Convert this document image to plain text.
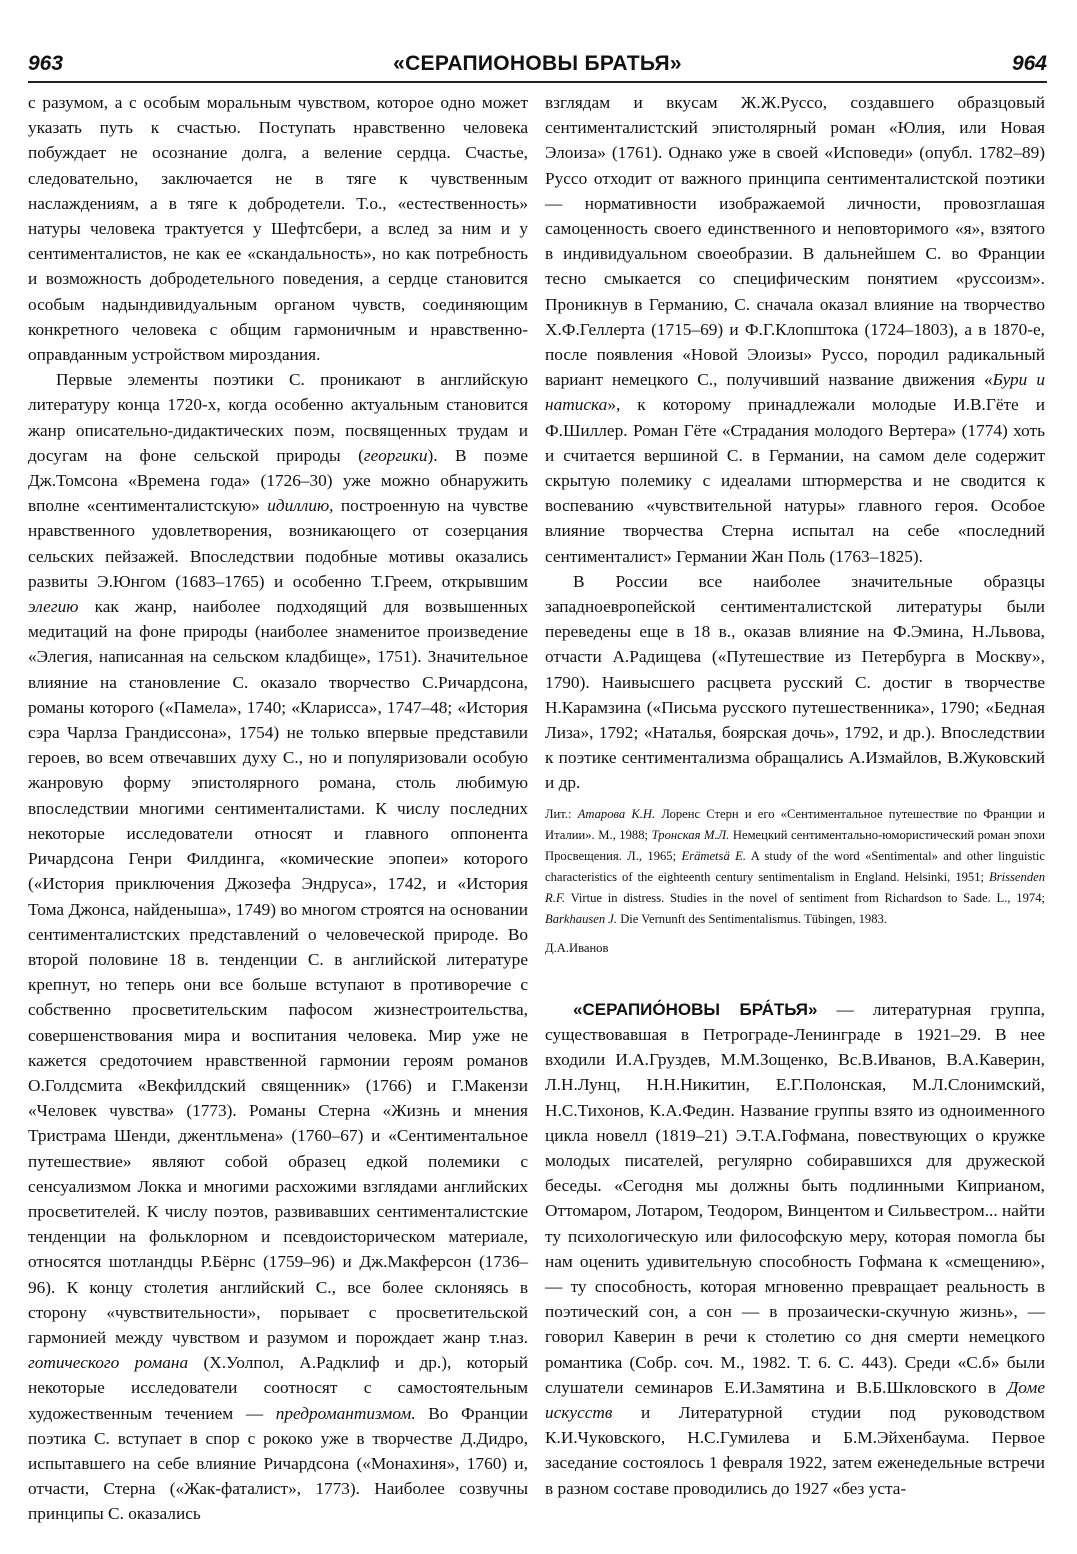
963	«СЕРАПИОНОВЫ БРАТЬЯ»	964

с разумом, а с особым моральным чувством, которое одно может указать путь к счастью. Поступать нравственно человека побуждает не осознание долга, а веление сердца. Счастье, следовательно, заключается не в тяге к чувственным наслаждениям, а в тяге к добродетели. Т.о., «естественность» натуры человека трактуется у Шефтсбери, а вслед за ним и у сентименталистов, не как ее «скандальность», но как потребность и возможность добродетельного поведения, а сердце становится особым надындивидуальным органом чувств, соединяющим конкретного человека с общим гармоничным и нравственно-оправданным устройством мироздания.

Первые элементы поэтики С. проникают в английскую литературу конца 1720-х, когда особенно актуальным становится жанр описательно-дидактических поэм, посвященных трудам и досугам на фоне сельской природы (георгики). В поэме Дж.Томсона «Времена года» (1726–30) уже можно обнаружить вполне «сентименталистскую» идиллию, построенную на чувстве нравственного удовлетворения, возникающего от созерцания сельских пейзажей. Впоследствии подобные мотивы оказались развиты Э.Юнгом (1683–1765) и особенно Т.Греем, открывшим элегию как жанр, наиболее подходящий для возвышенных медитаций на фоне природы (наиболее знаменитое произведение «Элегия, написанная на сельском кладбище», 1751). Значительное влияние на становление С. оказало творчество С.Ричардсона, романы которого («Памела», 1740; «Кларисса», 1747–48; «История сэра Чарлза Грандиссона», 1754) не только впервые представили героев, во всем отвечавших духу С., но и популяризовали особую жанровую форму эпистолярного романа, столь любимую впоследствии многими сентименталистами. К числу последних некоторые исследователи относят и главного оппонента Ричардсона Генри Филдинга, «комические эпопеи» которого («История приключения Джозефа Эндруса», 1742, и «История Тома Джонса, найденыша», 1749) во многом строятся на основании сентименталистских представлений о человеческой природе. Во второй половине 18 в. тенденции С. в английской литературе крепнут, но теперь они все больше вступают в противоречие с собственно просветительским пафосом жизнестроительства, совершенствования мира и воспитания человека. Мир уже не кажется средоточием нравственной гармонии героям романов О.Голдсмита «Векфилдский священник» (1766) и Г.Макензи «Человек чувства» (1773). Романы Стерна «Жизнь и мнения Тристрама Шенди, джентльмена» (1760–67) и «Сентиментальное путешествие» являют собой образец едкой полемики с сенсуализмом Локка и многими расхожими взглядами английских просветителей. К числу поэтов, развивавших сентименталистские тенденции на фольклорном и псевдоисторическом материале, относятся шотландцы Р.Бёрнс (1759–96) и Дж.Макферсон (1736–96). К концу столетия английский С., все более склоняясь в сторону «чувствительности», порывает с просветительской гармонией между чувством и разумом и порождает жанр т.наз. готического романа (Х.Уолпол, А.Радклиф и др.), который некоторые исследователи соотносят с самостоятельным художественным течением — предромантизмом. Во Франции поэтика С. вступает в спор с рококо уже в творчестве Д.Дидро, испытавшего на себе влияние Ричардсона («Монахиня», 1760) и, отчасти, Стерна («Жак-фаталист», 1773). Наиболее созвучны принципы С. оказались

взглядам и вкусам Ж.Ж.Руссо, создавшего образцовый сентименталистский эпистолярный роман «Юлия, или Новая Элоиза» (1761). Однако уже в своей «Исповеди» (опубл. 1782–89) Руссо отходит от важного принципа сентименталистской поэтики — нормативности изображаемой личности, провозглашая самоценность своего единственного и неповторимого «я», взятого в индивидуальном своеобразии. В дальнейшем С. во Франции тесно смыкается со специфическим понятием «руссоизм». Проникнув в Германию, С. сначала оказал влияние на творчество Х.Ф.Геллерта (1715–69) и Ф.Г.Клопштока (1724–1803), а в 1870-е, после появления «Новой Элоизы» Руссо, породил радикальный вариант немецкого С., получивший название движения «Бури и натиска», к которому принадлежали молодые И.В.Гёте и Ф.Шиллер. Роман Гёте «Страдания молодого Вертера» (1774) хоть и считается вершиной С. в Германии, на самом деле содержит скрытую полемику с идеалами штюрмерства и не сводится к воспеванию «чувствительной натуры» главного героя. Особое влияние творчества Стерна испытал на себе «последний сентименталист» Германии Жан Поль (1763–1825).

В России все наиболее значительные образцы западноевропейской сентименталистской литературы были переведены еще в 18 в., оказав влияние на Ф.Эмина, Н.Львова, отчасти А.Радищева («Путешествие из Петербурга в Москву», 1790). Наивысшего расцвета русский С. достиг в творчестве Н.Карамзина («Письма русского путешественника», 1790; «Бедная Лиза», 1792; «Наталья, боярская дочь», 1792, и др.). Впоследствии к поэтике сентиментализма обращались А.Измайлов, В.Жуковский и др.

Лит.: Атарова К.Н. Лоренс Стерн и его «Сентиментальное путешествие по Франции и Италии». М., 1988; Тронская М.Л. Немецкий сентиментально-юмористический роман эпохи Просвещения. Л., 1965; Erämetsä E. A study of the word «Sentimental» and other linguistic characteristics of the eighteenth century sentimentalism in England. Helsinki, 1951; Brissenden R.F. Virtue in distress. Studies in the novel of sentiment from Richardson to Sade. L., 1974; Barkhausen J. Die Vernunft des Sentimentalismus. Tübingen, 1983.

Д.А.Иванов

«СЕРАПИО́НОВЫ БРА́ТЬЯ» — литературная группа, существовавшая в Петрограде-Ленинграде в 1921–29. В нее входили И.А.Груздев, М.М.Зощенко, Вс.В.Иванов, В.А.Каверин, Л.Н.Лунц, Н.Н.Никитин, Е.Г.Полонская, М.Л.Слонимский, Н.С.Тихонов, К.А.Федин. Название группы взято из одноименного цикла новелл (1819–21) Э.Т.А.Гофмана, повествующих о кружке молодых писателей, регулярно собиравшихся для дружеской беседы. «Сегодня мы должны быть подлинными Киприаном, Оттомаром, Лотаром, Теодором, Винцентом и Сильвестром... найти ту психологическую или философскую меру, которая помогла бы нам оценить удивительную способность Гофмана к «смещению», — ту способность, которая мгновенно превращает реальность в поэтический сон, а сон — в прозаически-скучную жизнь», — говорил Каверин в речи к столетию со дня смерти немецкого романтика (Собр. соч. М., 1982. Т. 6. С. 443). Среди «С.б» были слушатели семинаров Е.И.Замятина и В.Б.Шкловского в Доме искусств и Литературной студии под руководством К.И.Чуковского, Н.С.Гумилева и Б.М.Эйхенбаума. Первое заседание состоялось 1 февраля 1922, затем еженедельные встречи в разном составе проводились до 1927 «без уста-
